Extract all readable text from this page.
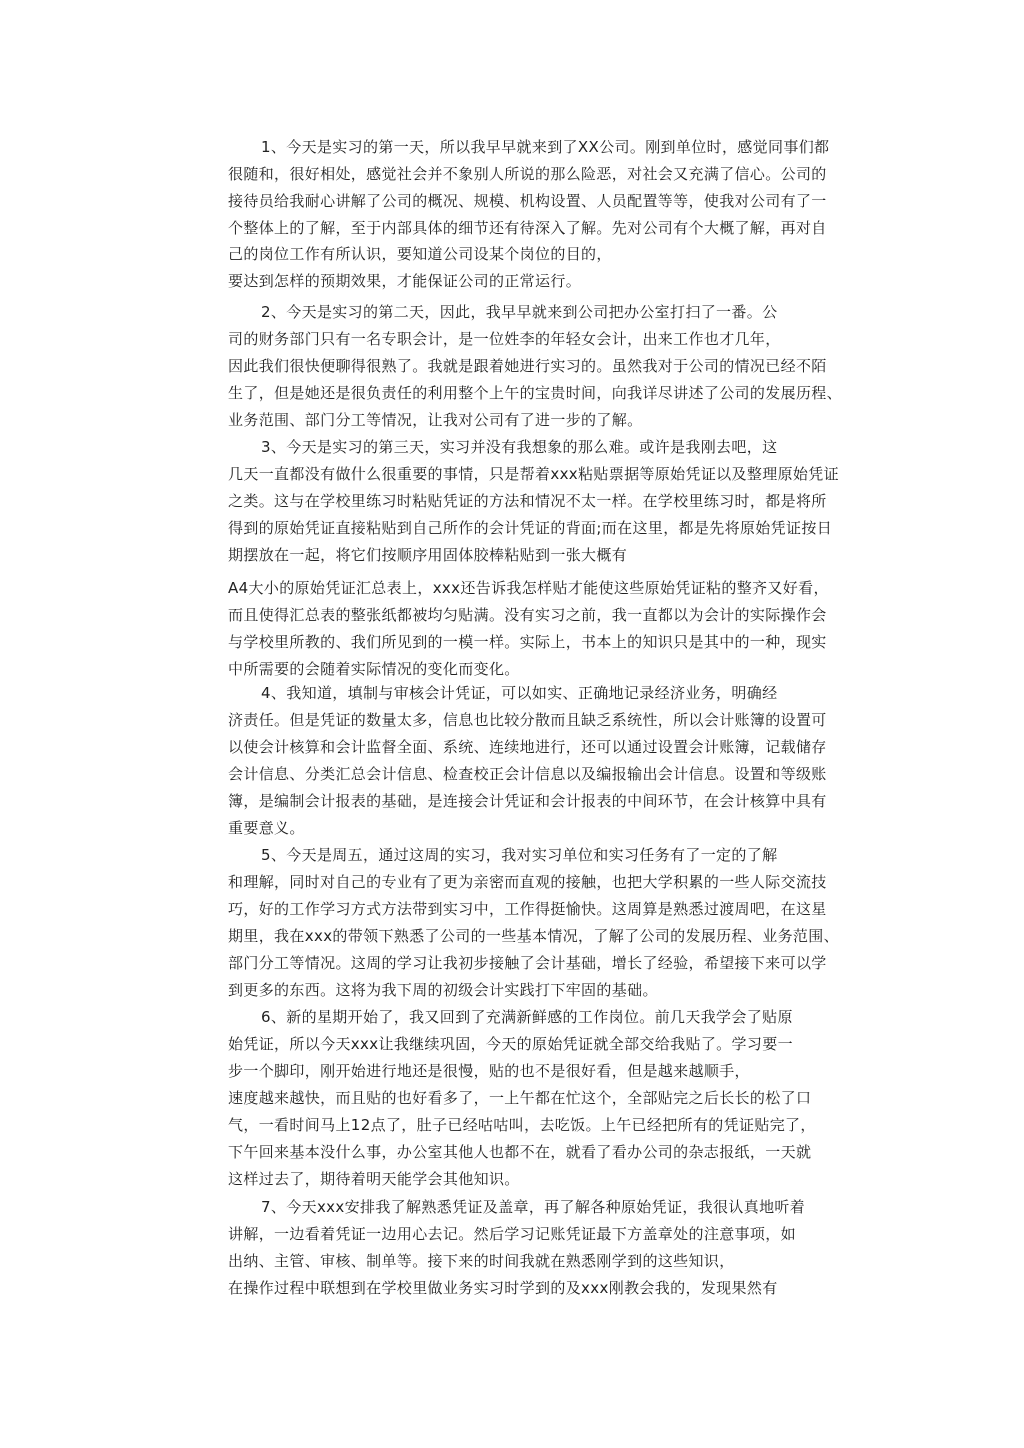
1、今天是实习的第一天，所以我早早就来到了XX公司。刚到单位时，感觉同事们都

很随和，很好相处，感觉社会并不象别人所说的那么险恶，对社会又充满了信心。公司的

接待员给我耐心讲解了公司的概况、规模、机构设置、人员配置等等，使我对公司有了一

个整体上的了解，至于内部具体的细节还有待深入了解。先对公司有个大概了解，再对自

己的岗位工作有所认识，要知道公司设某个岗位的目的，

要达到怎样的预期效果，才能保证公司的正常运行。

2、今天是实习的第二天，因此，我早早就来到公司把办公室打扫了一番。公

司的财务部门只有一名专职会计，是一位姓李的年轻女会计，出来工作也才几年，

因此我们很快便聊得很熟了。我就是跟着她进行实习的。虽然我对于公司的情况已经不陌

生了，但是她还是很负责任的利用整个上午的宝贵时间，向我详尽讲述了公司的发展历程、

业务范围、部门分工等情况，让我对公司有了进一步的了解。

3、今天是实习的第三天，实习并没有我想象的那么难。或许是我刚去吧，这

几天一直都没有做什么很重要的事情，只是帮着xxx粘贴票据等原始凭证以及整理原始凭证

之类。这与在学校里练习时粘贴凭证的方法和情况不太一样。在学校里练习时，都是将所

得到的原始凭证直接粘贴到自己所作的会计凭证的背面;而在这里，都是先将原始凭证按日

期摆放在一起，将它们按顺序用固体胶棒粘贴到一张大概有

A4大小的原始凭证汇总表上，xxx还告诉我怎样贴才能使这些原始凭证粘的整齐又好看，

而且使得汇总表的整张纸都被均匀贴满。没有实习之前，我一直都以为会计的实际操作会

与学校里所教的、我们所见到的一模一样。实际上，书本上的知识只是其中的一种，现实

中所需要的会随着实际情况的变化而变化。

4、我知道，填制与审核会计凭证，可以如实、正确地记录经济业务，明确经

济责任。但是凭证的数量太多，信息也比较分散而且缺乏系统性，所以会计账簿的设置可

以使会计核算和会计监督全面、系统、连续地进行，还可以通过设置会计账簿，记载储存

会计信息、分类汇总会计信息、检查校正会计信息以及编报输出会计信息。设置和等级账

簿，是编制会计报表的基础，是连接会计凭证和会计报表的中间环节，在会计核算中具有

重要意义。

5、今天是周五，通过这周的实习，我对实习单位和实习任务有了一定的了解

和理解，同时对自己的专业有了更为亲密而直观的接触，也把大学积累的一些人际交流技

巧，好的工作学习方式方法带到实习中，工作得挺愉快。这周算是熟悉过渡周吧，在这星

期里，我在xxx的带领下熟悉了公司的一些基本情况，了解了公司的发展历程、业务范围、

部门分工等情况。这周的学习让我初步接触了会计基础，增长了经验，希望接下来可以学

到更多的东西。这将为我下周的初级会计实践打下牢固的基础。

6、新的星期开始了，我又回到了充满新鲜感的工作岗位。前几天我学会了贴原

始凭证，所以今天xxx让我继续巩固，今天的原始凭证就全部交给我贴了。学习要一

步一个脚印，刚开始进行地还是很慢，贴的也不是很好看，但是越来越顺手，

速度越来越快，而且贴的也好看多了，一上午都在忙这个，全部贴完之后长长的松了口

气，一看时间马上12点了，肚子已经咕咕叫，去吃饭。上午已经把所有的凭证贴完了，

下午回来基本没什么事，办公室其他人也都不在，就看了看办公司的杂志报纸，一天就

这样过去了，期待着明天能学会其他知识。

7、今天xxx安排我了解熟悉凭证及盖章，再了解各种原始凭证，我很认真地听着

讲解，一边看着凭证一边用心去记。然后学习记账凭证最下方盖章处的注意事项，如

出纳、主管、审核、制单等。接下来的时间我就在熟悉刚学到的这些知识，

在操作过程中联想到在学校里做业务实习时学到的及xxx刚教会我的，发现果然有
